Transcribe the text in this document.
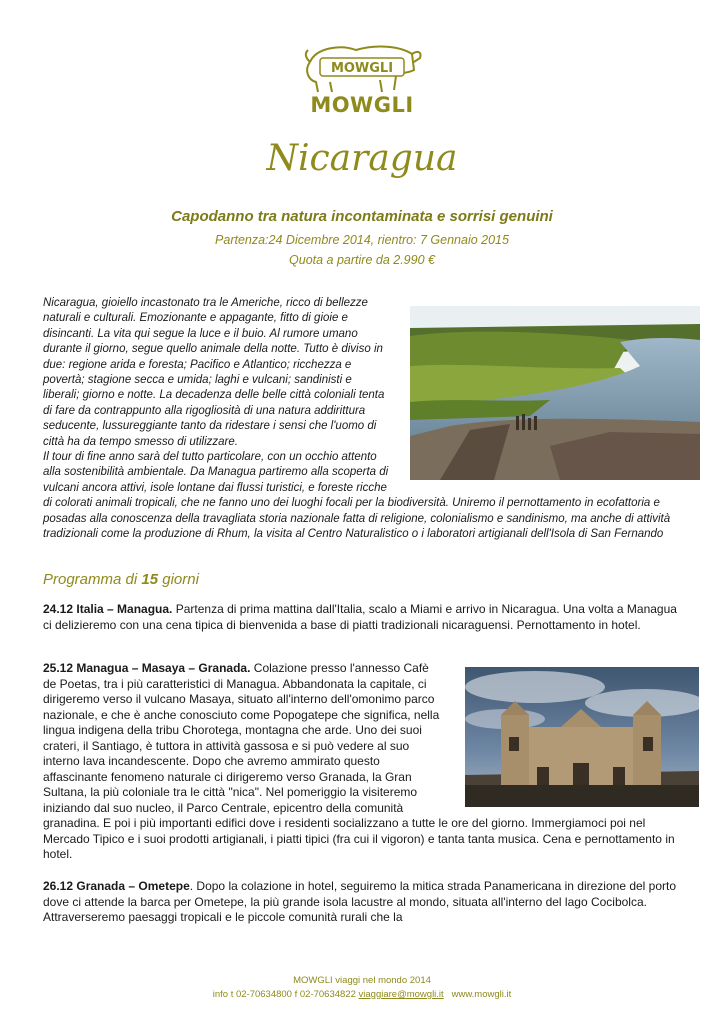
MOWGLI
MOWGLI
Nicaragua
Capodanno tra natura incontaminata e sorrisi genuini
Partenza:24 Dicembre 2014, rientro: 7 Gennaio 2015
Quota a partire da 2.990 €

Nicaragua, gioiello incastonato tra le Americhe, ricco di bellezze naturali e culturali. Emozionante e appagante, fitto di gioie e disincanti. La vita qui segue la luce e il buio. Al rumore umano durante il giorno, segue quello animale della notte. Tutto è diviso in due: regione arida e foresta; Pacifico e Atlantico; ricchezza e povertà; stagione secca e umida; laghi e vulcani; sandinisti e liberali; giorno e notte. La decadenza delle belle città coloniali tenta di fare da contrappunto alla rigogliosità di una natura addirittura seducente, lussureggiante tanto da ridestare i sensi che l'uomo di città ha da tempo smesso di utilizzare.
Il tour di fine anno sarà del tutto particolare, con un occhio attento alla sostenibilità ambientale. Da Managua partiremo alla scoperta di vulcani ancora attivi, isole lontane dai flussi turistici, e foreste ricche di colorati animali tropicali, che ne fanno uno dei luoghi focali per la biodiversità. Uniremo il pernottamento in ecofattoria e posadas alla conoscenza della travagliata storia nazionale fatta di religione, colonialismo e sandinismo, ma anche di attività tradizionali come la produzione di Rhum, la visita al Centro Naturalistico o i laboratori artigianali dell'Isola di San Fernando

Programma di 15 giorni

24.12 Italia – Managua. Partenza di prima mattina dall'Italia, scalo a Miami e arrivo in Nicaragua. Una volta a Managua ci delizieremo con una cena tipica di bienvenida a base di piatti tradizionali nicaraguensi. Pernottamento in hotel.

25.12 Managua – Masaya – Granada. Colazione presso l'annesso Cafè de Poetas, tra i più caratteristici di Managua. Abbandonata la capitale, ci dirigeremo verso il vulcano Masaya, situato all'interno dell'omonimo parco nazionale, e che è anche conosciuto come Popogatepe che significa, nella lingua indigena della tribu Chorotega, montagna che arde. Uno dei suoi crateri, il Santiago, è tuttora in attività gassosa e si può vedere al suo interno lava incandescente. Dopo che avremo ammirato questo affascinante fenomeno naturale ci dirigeremo verso Granada, la Gran Sultana, la più coloniale tra le città "nica". Nel pomeriggio la visiteremo iniziando dal suo nucleo, il Parco Centrale, epicentro della comunità granadina. E poi i più importanti edifici dove i residenti socializzano a tutte le ore del giorno. Immergiamoci poi nel Mercado Tipico e i suoi prodotti artigianali, i piatti tipici (fra cui il vigoron) e tanta tanta musica. Cena e pernottamento in hotel.

26.12 Granada – Ometepe. Dopo la colazione in hotel, seguiremo la mitica strada Panamericana in direzione del porto dove ci attende la barca per Ometepe, la più grande isola lacustre al mondo, situata all'interno del lago Cocibolca. Attraverseremo paesaggi tropicali e le piccole comunità rurali che la

MOWGLI viaggi nel mondo 2014
info t 02-70634800 f 02-70634822 viaggiare@mowgli.it www.mowgli.it
